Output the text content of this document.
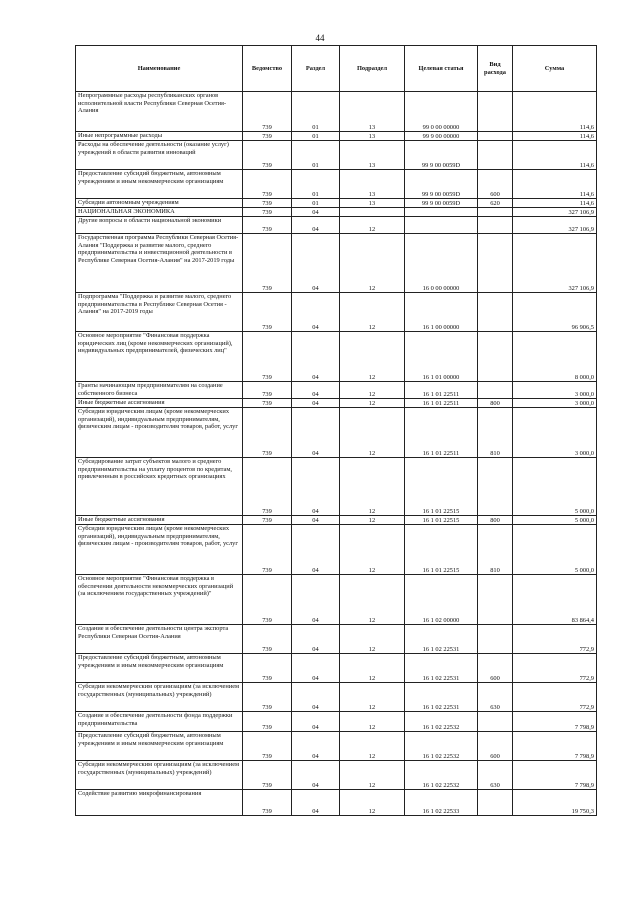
44
Наименование	Ведомство	Раздел	Подраздел	Целевая статья	Вид расхода	Сумма
Непрограммные расходы республиканских органов исполнительной власти Республики Северная Осетия-Алания	739	01	13	99 0 00 00000		114,6
Иные непрограммные расходы	739	01	13	99 9 00 00000		114,6
Расходы на обеспечение деятельности (оказание услуг) учреждений в области развития инноваций	739	01	13	99 9 00 0059D		114,6
Предоставление субсидий бюджетным, автономным учреждениям и иным некоммерческим организациям	739	01	13	99 9 00 0059D	600	114,6
Субсидии автономным учреждениям	739	01	13	99 9 00 0059D	620	114,6
НАЦИОНАЛЬНАЯ ЭКОНОМИКА	739	04				327 106,9
Другие вопросы в области национальной экономики	739	04	12			327 106,9
Государственная программа Республики Северная Осетия-Алания "Поддержка и развитие малого, среднего предпринимательства и инвестиционной деятельности в Республике Северная Осетия-Алания" на 2017-2019 годы	739	04	12	16 0 00 00000		327 106,9
Подпрограмма "Поддержка и развитие малого, среднего предпринимательства в Республике Северная Осетия - Алания" на 2017-2019 годы	739	04	12	16 1 00 00000		96 906,5
Основное мероприятие "Финансовая поддержка юридических лиц (кроме некоммерческих организаций), индивидуальных предпринимателей, физических лиц"	739	04	12	16 1 01 00000		8 000,0
Гранты начинающим предпринимателям на создание собственного бизнеса	739	04	12	16 1 01 22511		3 000,0
Иные бюджетные ассигнования	739	04	12	16 1 01 22511	800	3 000,0
Субсидии юридическим лицам (кроме некоммерческих организаций), индивидуальным предпринимателям, физическим лицам - производителям товаров, работ, услуг	739	04	12	16 1 01 22511	810	3 000,0
Субсидирование затрат субъектов малого и среднего предпринимательства на уплату процентов по кредитам, привлеченным в российских кредитных организациях	739	04	12	16 1 01 22515		5 000,0
Иные бюджетные ассигнования	739	04	12	16 1 01 22515	800	5 000,0
Субсидии юридическим лицам (кроме некоммерческих организаций), индивидуальным предпринимателям, физическим лицам - производителям товаров, работ, услуг	739	04	12	16 1 01 22515	810	5 000,0
Основное мероприятие "Финансовая поддержка в обеспечении деятельности некоммерческих организаций (за исключением государственных учреждений)"	739	04	12	16 1 02 00000		83 864,4
Создание и обеспечение деятельности центра экспорта Республики Северная Осетия-Алания	739	04	12	16 1 02 22531		772,9
Предоставление субсидий бюджетным, автономным учреждениям и иным некоммерческим организациям	739	04	12	16 1 02 22531	600	772,9
Субсидии некоммерческим организациям (за исключением государственных (муниципальных) учреждений)	739	04	12	16 1 02 22531	630	772,9
Создание и обеспечение деятельности фонда поддержки предпринимательства	739	04	12	16 1 02 22532		7 798,9
Предоставление субсидий бюджетным, автономным учреждениям и иным некоммерческим организациям	739	04	12	16 1 02 22532	600	7 798,9
Субсидии некоммерческим организациям (за исключением государственных (муниципальных) учреждений)	739	04	12	16 1 02 22532	630	7 798,9
Содействие развитию микрофинансирования	739	04	12	16 1 02 22533		19 750,3
